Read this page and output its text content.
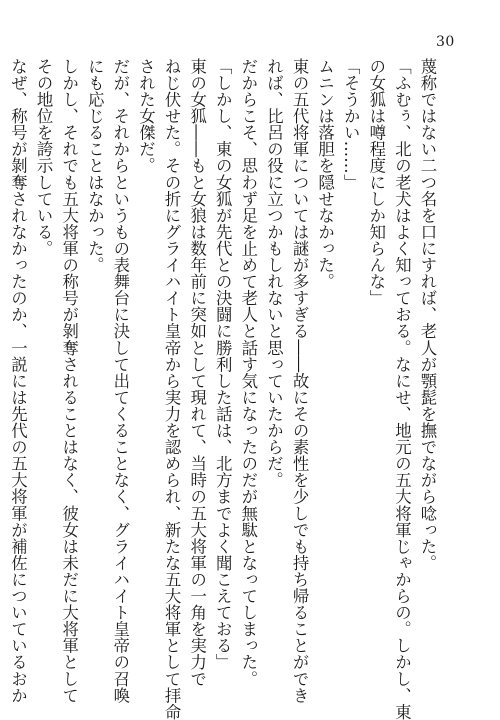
30
蔑称ではない二つ名を口にすれば、老人が顎髭を撫でながら唸った。
「ふむぅ、北の老犬はよく知っておる。なにせ、地元の五大将軍じゃからの。しかし、東
の女狐は噂程度にしか知らんな」
「そうかい……」
ムニンは落胆を隠せなかった。
東の五代将軍については謎が多すぎる――故にその素性を少しでも持ち帰ることができ
れば、比呂の役に立つかもしれないと思っていたからだ。
だからこそ、思わず足を止めて老人と話す気になったのだが無駄となってしまった。
「しかし、東の女狐が先代との決闘に勝利した話は、北方までよく聞こえておる」
東の女狐――もと女狼は数年前に突如として現れて、当時の五大将軍の一角を実力で
ねじ伏せた。その折にグライハイト皇帝から実力を認められ、新たな五大将軍として拝命
された女傑だ。
だが、それからというもの表舞台に決して出てくることなく、グライハイト皇帝の召喚
にも応じることはなかった。
しかし、それでも五大将軍の称号が剝奪されることはなく、彼女は未だに大将軍として
その地位を誇示している。
なぜ、称号が剝奪されなかったのか、一説には先代の五大将軍が補佐についているおか
